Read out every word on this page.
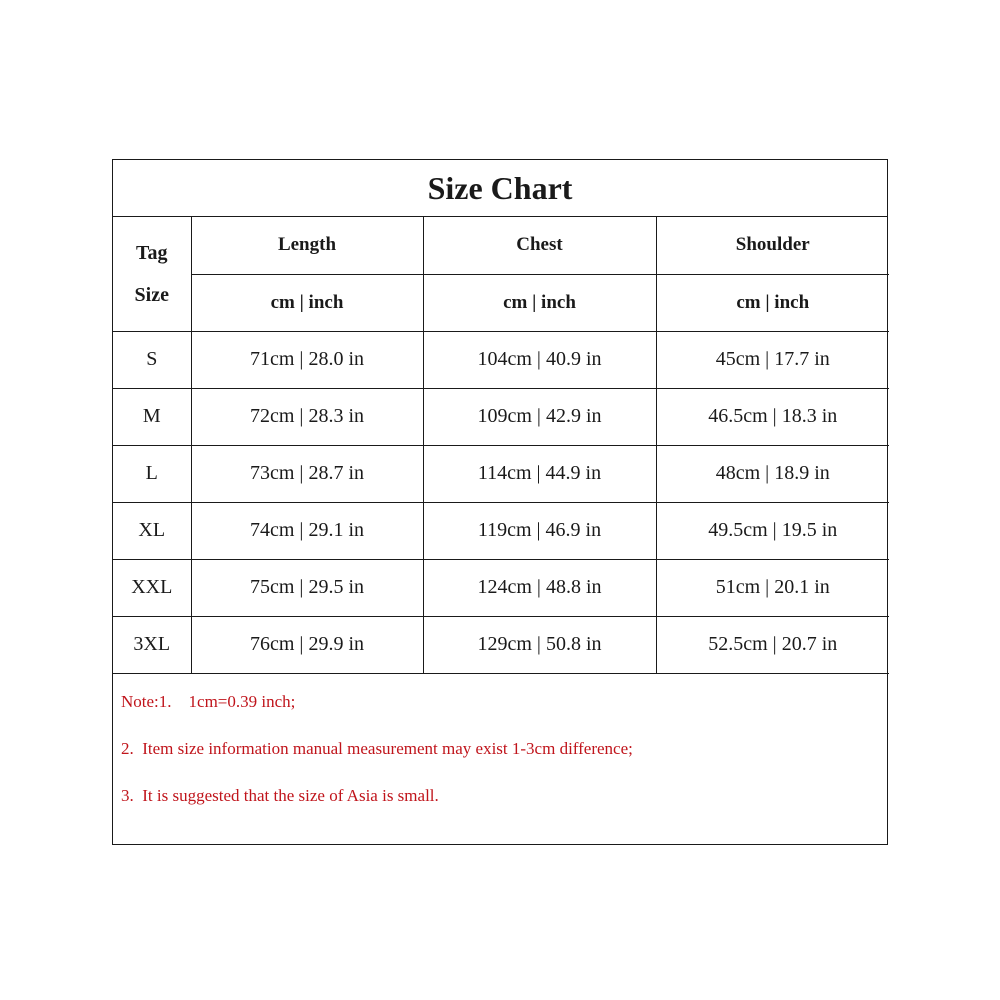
Size Chart
Tag
Size	Length	Chest	Shoulder
	cm | inch	cm | inch	cm | inch
S	71cm | 28.0 in	104cm | 40.9 in	45cm | 17.7 in
M	72cm | 28.3 in	109cm | 42.9 in	46.5cm | 18.3 in
L	73cm | 28.7 in	114cm | 44.9 in	48cm | 18.9 in
XL	74cm | 29.1 in	119cm | 46.9 in	49.5cm | 19.5 in
XXL	75cm | 29.5 in	124cm | 48.8 in	51cm | 20.1 in
3XL	76cm | 29.9 in	129cm | 50.8 in	52.5cm | 20.7 in
Note:1.    1cm=0.39 inch;
2.  Item size information manual measurement may exist 1-3cm difference;
3.  It is suggested that the size of Asia is small.
